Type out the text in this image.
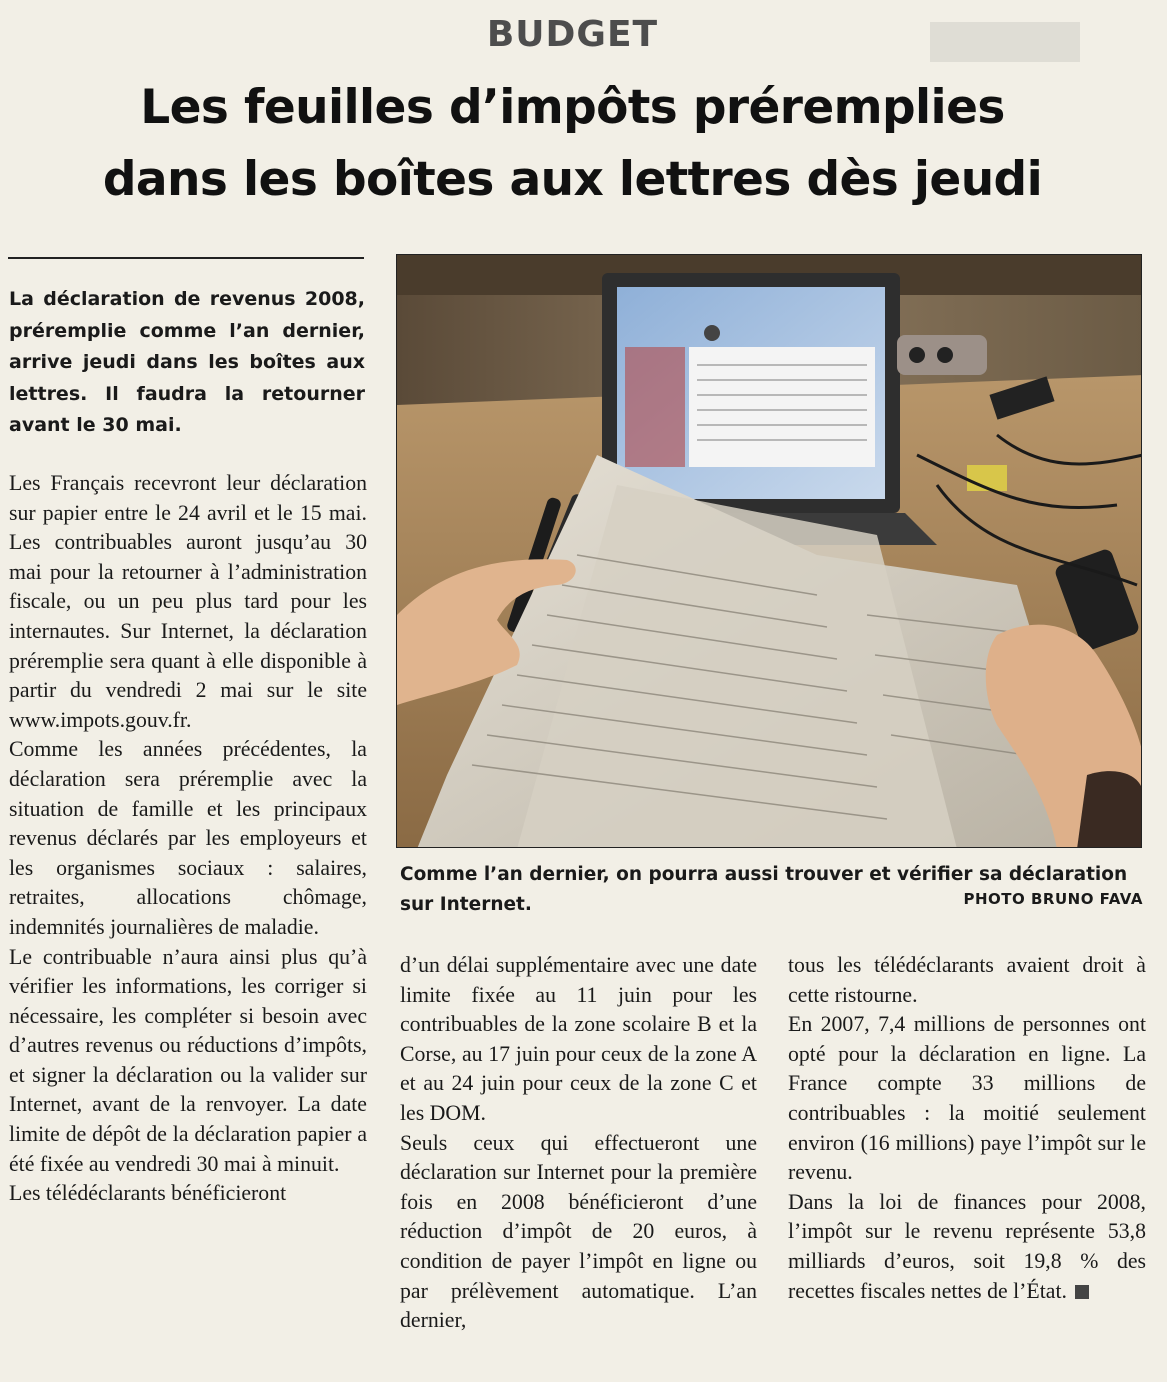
BUDGET
Les feuilles d’impôts préremplies
dans les boîtes aux lettres dès jeudi
La déclaration de revenus 2008, préremplie comme l’an dernier, arrive jeudi dans les boîtes aux lettres. Il faudra la retourner avant le 30 mai.

Les Français recevront leur déclaration sur papier entre le 24 avril et le 15 mai. Les contribuables auront jusqu’au 30 mai pour la retourner à l’administration fiscale, ou un peu plus tard pour les internautes. Sur Internet, la déclaration préremplie sera quant à elle disponible à partir du vendredi 2 mai sur le site www.impots.gouv.fr.

Comme les années précédentes, la déclaration sera préremplie avec la situation de famille et les principaux revenus déclarés par les employeurs et les organismes sociaux : salaires, retraites, allocations chômage, indemnités journalières de maladie.

Le contribuable n’aura ainsi plus qu’à vérifier les informations, les corriger si nécessaire, les compléter si besoin avec d’autres revenus ou réductions d’impôts, et signer la déclaration ou la valider sur Internet, avant de la renvoyer. La date limite de dépôt de la déclaration papier a été fixée au vendredi 30 mai à minuit.

Les télédéclarants bénéficieront

Comme l’an dernier, on pourra aussi trouver et vérifier sa déclaration sur Internet.	PHOTO BRUNO FAVA

d’un délai supplémentaire avec une date limite fixée au 11 juin pour les contribuables de la zone scolaire B et la Corse, au 17 juin pour ceux de la zone A et au 24 juin pour ceux de la zone C et les DOM.

Seuls ceux qui effectueront une déclaration sur Internet pour la première fois en 2008 bénéficieront d’une réduction d’impôt de 20 euros, à condition de payer l’impôt en ligne ou par prélèvement automatique. L’an dernier,

tous les télédéclarants avaient droit à cette ristourne.

En 2007, 7,4 millions de personnes ont opté pour la déclaration en ligne. La France compte 33 millions de contribuables : la moitié seulement environ (16 millions) paye l’impôt sur le revenu.

Dans la loi de finances pour 2008, l’impôt sur le revenu représente 53,8 milliards d’euros, soit 19,8 % des recettes fiscales nettes de l’État.
